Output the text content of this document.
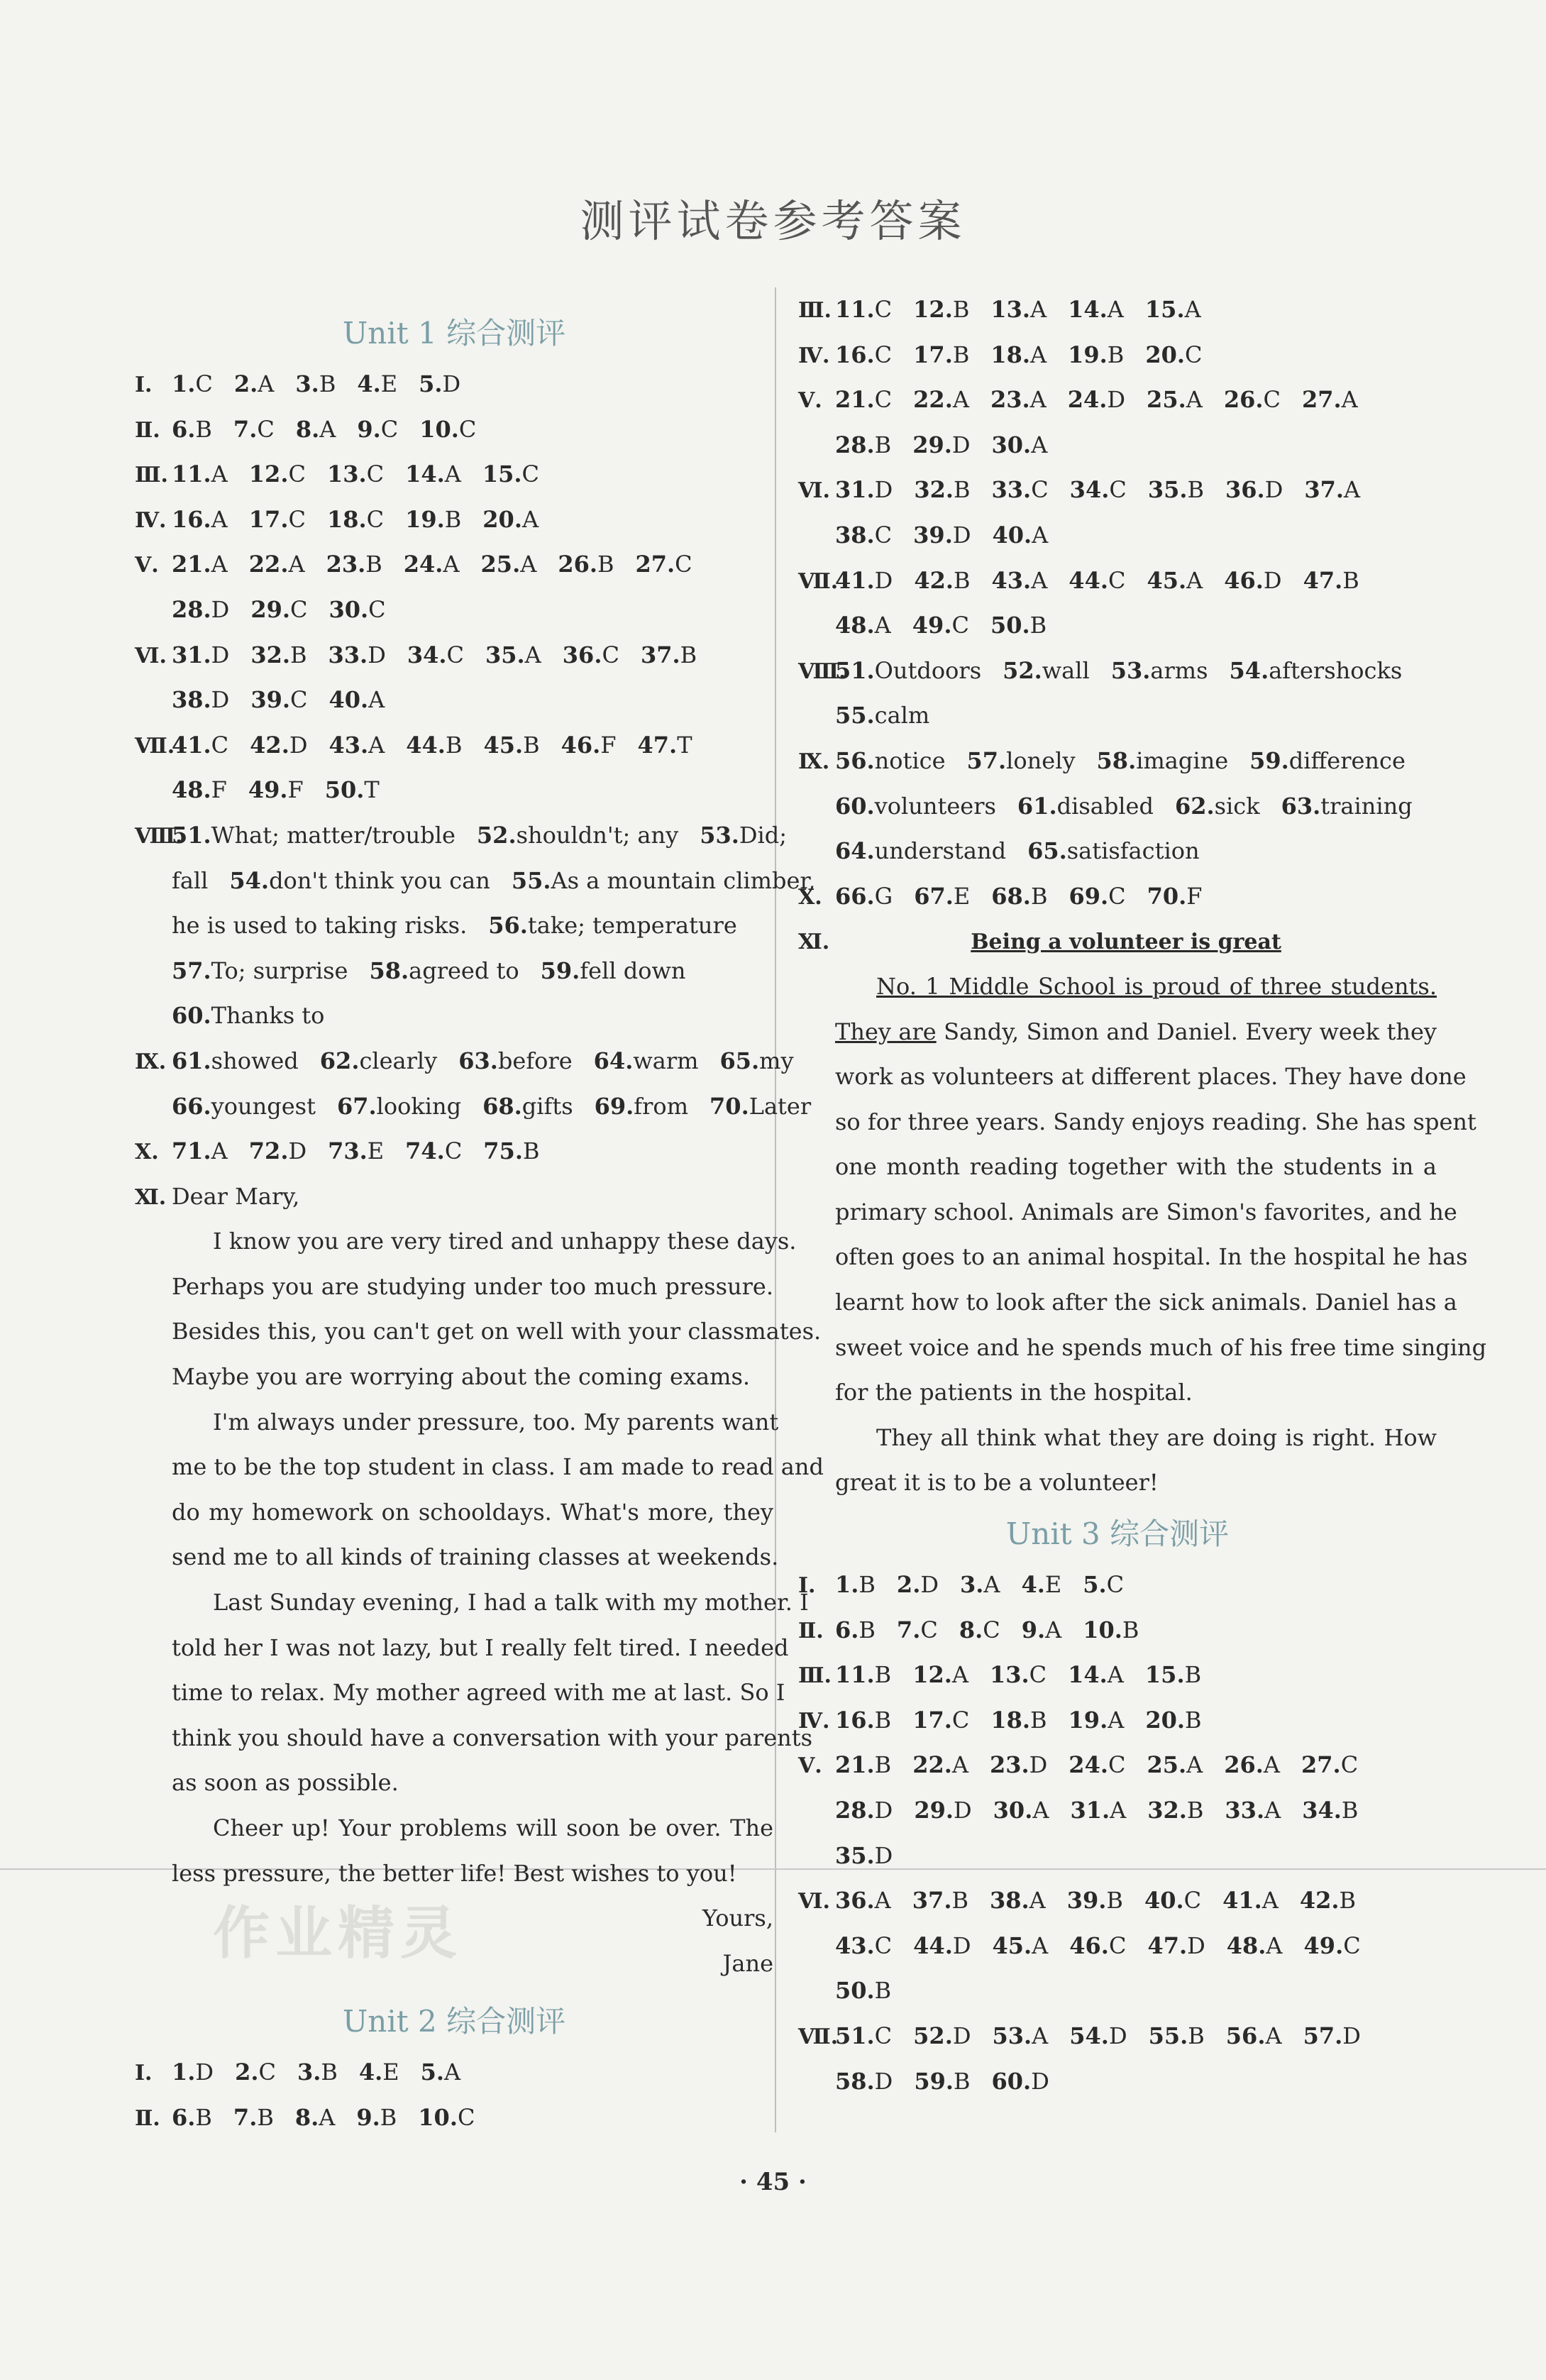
测评试卷参考答案
Unit 1 综合测评
Ⅰ. 1.C 2.A 3.B 4.E 5.D
Ⅱ. 6.B 7.C 8.A 9.C 10.C
Ⅲ. 11.A 12.C 13.C 14.A 15.C
Ⅳ. 16.A 17.C 18.C 19.B 20.A
Ⅴ. 21.A 22.A 23.B 24.A 25.A 26.B 27.C
28.D 29.C 30.C
Ⅵ. 31.D 32.B 33.D 34.C 35.A 36.C 37.B
38.D 39.C 40.A
Ⅶ.41.C 42.D 43.A 44.B 45.B 46.F 47.T
48.F 49.F 50.T
Ⅷ.51.What; matter/trouble 52.shouldn't; any 53.Did;
fall 54.don't think you can 55.As a mountain climber,
he is used to taking risks. 56.take; temperature
57.To; surprise 58.agreed to 59.fell down
60.Thanks to
Ⅸ. 61.showed 62.clearly 63.before 64.warm 65.my
66.youngest 67.looking 68.gifts 69.from 70.Later
Ⅹ. 71.A 72.D 73.E 74.C 75.B
Ⅺ. Dear Mary,
I know you are very tired and unhappy these days.
Perhaps you are studying under too much pressure.
Besides this, you can't get on well with your classmates.
Maybe you are worrying about the coming exams.
I'm always under pressure, too. My parents want
me to be the top student in class. I am made to read and
do my homework on schooldays. What's more, they
send me to all kinds of training classes at weekends.
Last Sunday evening, I had a talk with my mother. I
told her I was not lazy, but I really felt tired. I needed
time to relax. My mother agreed with me at last. So I
think you should have a conversation with your parents
as soon as possible.
Cheer up! Your problems will soon be over. The
less pressure, the better life! Best wishes to you!
Yours,
Jane
Unit 2 综合测评
Ⅰ. 1.D 2.C 3.B 4.E 5.A
Ⅱ. 6.B 7.B 8.A 9.B 10.C
Ⅲ. 11.C 12.B 13.A 14.A 15.A
Ⅳ. 16.C 17.B 18.A 19.B 20.C
Ⅴ. 21.C 22.A 23.A 24.D 25.A 26.C 27.A
28.B 29.D 30.A
Ⅵ. 31.D 32.B 33.C 34.C 35.B 36.D 37.A
38.C 39.D 40.A
Ⅶ.41.D 42.B 43.A 44.C 45.A 46.D 47.B
48.A 49.C 50.B
Ⅷ.51.Outdoors 52.wall 53.arms 54.aftershocks
55.calm
Ⅸ. 56.notice 57.lonely 58.imagine 59.difference
60.volunteers 61.disabled 62.sick 63.training
64.understand 65.satisfaction
Ⅹ. 66.G 67.E 68.B 69.C 70.F
Ⅺ.	Being a volunteer is great
No. 1 Middle School is proud of three students.
They are Sandy, Simon and Daniel. Every week they
work as volunteers at different places. They have done
so for three years. Sandy enjoys reading. She has spent
one month reading together with the students in a
primary school. Animals are Simon's favorites, and he
often goes to an animal hospital. In the hospital he has
learnt how to look after the sick animals. Daniel has a
sweet voice and he spends much of his free time singing
for the patients in the hospital.
They all think what they are doing is right. How
great it is to be a volunteer!
Unit 3 综合测评
Ⅰ. 1.B 2.D 3.A 4.E 5.C
Ⅱ. 6.B 7.C 8.C 9.A 10.B
Ⅲ. 11.B 12.A 13.C 14.A 15.B
Ⅳ. 16.B 17.C 18.B 19.A 20.B
Ⅴ. 21.B 22.A 23.D 24.C 25.A 26.A 27.C
28.D 29.D 30.A 31.A 32.B 33.A 34.B
35.D
Ⅵ. 36.A 37.B 38.A 39.B 40.C 41.A 42.B
43.C 44.D 45.A 46.C 47.D 48.A 49.C
50.B
Ⅶ.51.C 52.D 53.A 54.D 55.B 56.A 57.D
58.D 59.B 60.D
作业精灵
· 45 ·
